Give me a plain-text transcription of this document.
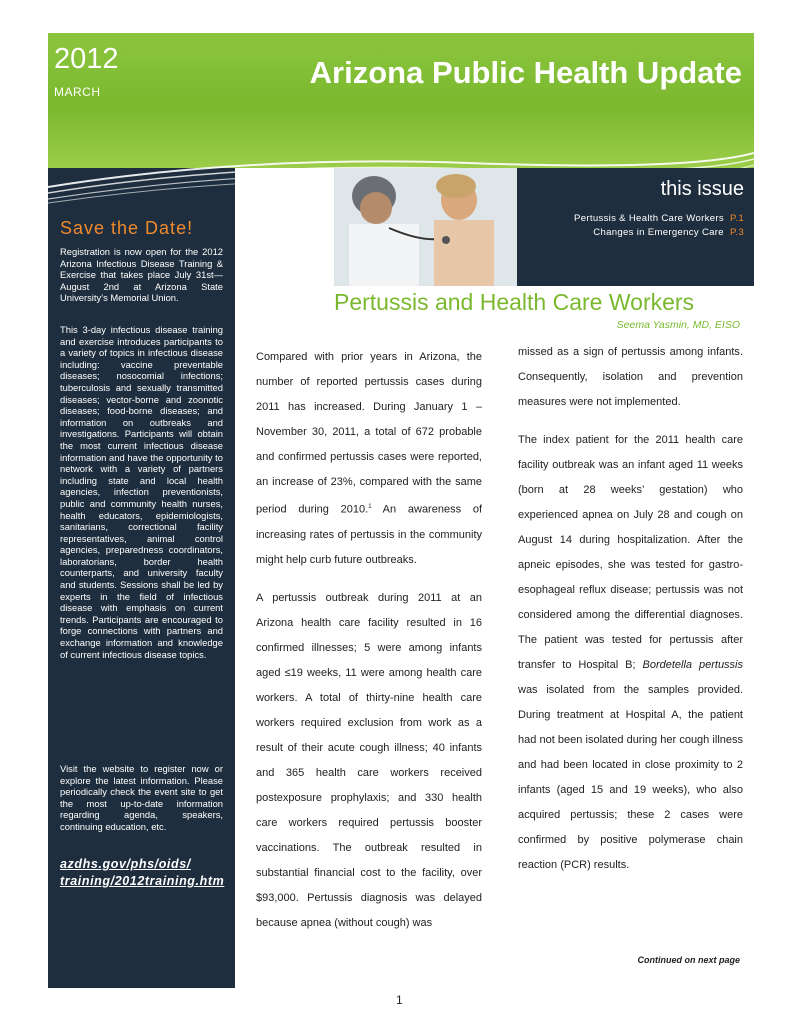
Save the Date!
Registration is now open for the 2012 Arizona Infectious Disease Training & Exercise that takes place July 31st—August 2nd at Arizona State University’s Memorial Union.
This 3-day infectious disease training and exercise introduces participants to a variety of topics in infectious disease including: vaccine preventable diseases; nosocomial infections; tuberculosis and sexually transmitted diseases; vector-borne and zoonotic diseases; food-borne diseases; and information on outbreaks and investigations. Participants will obtain the most current infectious disease information and have the opportunity to network with a variety of partners including state and local health agencies, infection preventionists, public and community health nurses, health educators, epidemiologists, sanitarians, correctional facility representatives, animal control agencies, preparedness coordinators, laboratorians, border health counterparts, and university faculty and students. Sessions shall be led by experts in the field of infectious disease with emphasis on current trends. Participants are encouraged to forge connections with partners and exchange information and knowledge of current infectious disease topics.
Visit the website to register now or explore the latest information. Please periodically check the event site to get the most up-to-date information regarding agenda, speakers, continuing education, etc.
azdhs.gov/phs/oids/ training/2012training.htm
2012
MARCH
Arizona Public Health Update
this issue
Pertussis & Health Care Workers P.1
Changes in Emergency Care P.3
Pertussis and Health Care Workers
Seema Yasmin, MD, EISO

Compared with prior years in Arizona, the number of reported pertussis cases during 2011 has increased. During January 1 – November 30, 2011, a total of 672 probable and confirmed pertussis cases were reported, an increase of 23%, compared with the same period during 2010.$^1$ An awareness of increasing rates of pertussis in the community might help curb future outbreaks.

A pertussis outbreak during 2011 at an Arizona health care facility resulted in 16 confirmed illnesses; 5 were among infants aged ≤19 weeks, 11 were among health care workers. A total of thirty-nine health care workers required exclusion from work as a result of their acute cough illness; 40 infants and 365 health care workers received postexposure prophylaxis; and 330 health care workers required pertussis booster vaccinations. The outbreak resulted in substantial financial cost to the facility, over $93,000. Pertussis diagnosis was delayed because apnea (without cough) was

missed as a sign of pertussis among infants. Consequently, isolation and prevention measures were not implemented.

The index patient for the 2011 health care facility outbreak was an infant aged 11 weeks (born at 28 weeks’ gestation) who experienced apnea on July 28 and cough on August 14 during hospitalization. After the apneic episodes, she was tested for gastro-esophageal reflux disease; pertussis was not considered among the differential diagnoses. The patient was tested for pertussis after transfer to Hospital B; Bordetella pertussis was isolated from the samples provided. During treatment at Hospital A, the patient had not been isolated during her cough illness and had been located in close proximity to 2 infants (aged 15 and 19 weeks), who also acquired pertussis; these 2 cases were confirmed by positive polymerase chain reaction (PCR) results.

Continued on next page
1
